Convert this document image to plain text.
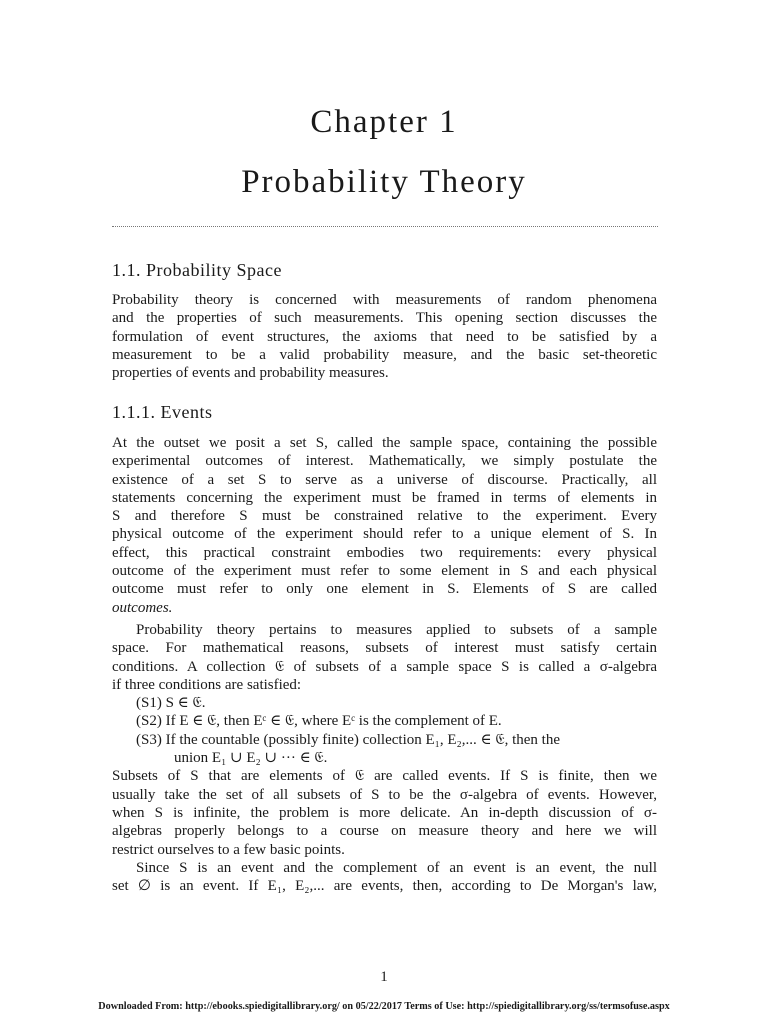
Chapter 1
Probability Theory
1.1. Probability Space
Probability theory is concerned with measurements of random phenomena
and the properties of such measurements. This opening section discusses the
formulation of event structures, the axioms that need to be satisfied by a
measurement to be a valid probability measure, and the basic set-theoretic
properties of events and probability measures.
1.1.1. Events
At the outset we posit a set S, called the sample space, containing the possible
experimental outcomes of interest. Mathematically, we simply postulate the
existence of a set S to serve as a universe of discourse. Practically, all
statements concerning the experiment must be framed in terms of elements in
S and therefore S must be constrained relative to the experiment. Every
physical outcome of the experiment should refer to a unique element of S. In
effect, this practical constraint embodies two requirements: every physical
outcome of the experiment must refer to some element in S and each physical
outcome must refer to only one element in S. Elements of S are called
outcomes.
Probability theory pertains to measures applied to subsets of a sample
space. For mathematical reasons, subsets of interest must satisfy certain
conditions. A collection 𝔈 of subsets of a sample space S is called a σ-algebra
if three conditions are satisfied:
(S1) S ∈ 𝔈.
(S2) If E ∈ 𝔈, then Eᶜ ∈ 𝔈, where Eᶜ is the complement of E.
(S3) If the countable (possibly finite) collection E₁, E₂,... ∈ 𝔈, then the
union E₁ ∪ E₂ ∪ ··· ∈ 𝔈.
Subsets of S that are elements of 𝔈 are called events. If S is finite, then we
usually take the set of all subsets of S to be the σ-algebra of events. However,
when S is infinite, the problem is more delicate. An in-depth discussion of σ-
algebras properly belongs to a course on measure theory and here we will
restrict ourselves to a few basic points.
Since S is an event and the complement of an event is an event, the null
set ∅ is an event. If E₁, E₂,... are events, then, according to De Morgan's law,
1
Downloaded From: http://ebooks.spiedigitallibrary.org/ on 05/22/2017 Terms of Use: http://spiedigitallibrary.org/ss/termsofuse.aspx
